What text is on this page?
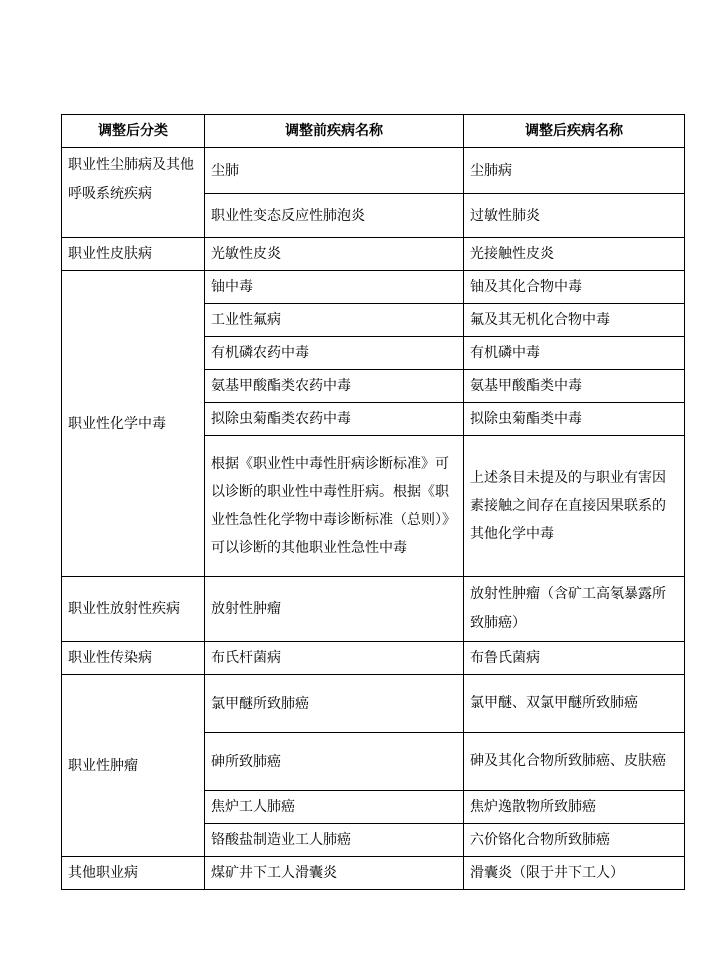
调整后分类	调整前疾病名称	调整后疾病名称
职业性尘肺病及其他呼吸系统疾病	尘肺	尘肺病
	职业性变态反应性肺泡炎	过敏性肺炎
职业性皮肤病	光敏性皮炎	光接触性皮炎
职业性化学中毒	铀中毒	铀及其化合物中毒
	工业性氟病	氟及其无机化合物中毒
	有机磷农药中毒	有机磷中毒
	氨基甲酸酯类农药中毒	氨基甲酸酯类中毒
	拟除虫菊酯类农药中毒	拟除虫菊酯类中毒
	根据《职业性中毒性肝病诊断标准》可以诊断的职业性中毒性肝病。根据《职业性急性化学物中毒诊断标准（总则）》可以诊断的其他职业性急性中毒	上述条目未提及的与职业有害因素接触之间存在直接因果联系的其他化学中毒
职业性放射性疾病	放射性肿瘤	放射性肿瘤（含矿工高氡暴露所致肺癌）
职业性传染病	布氏杆菌病	布鲁氏菌病
职业性肿瘤	氯甲醚所致肺癌	氯甲醚、双氯甲醚所致肺癌
	砷所致肺癌	砷及其化合物所致肺癌、皮肤癌
	焦炉工人肺癌	焦炉逸散物所致肺癌
	铬酸盐制造业工人肺癌	六价铬化合物所致肺癌
其他职业病	煤矿井下工人滑囊炎	滑囊炎（限于井下工人）
